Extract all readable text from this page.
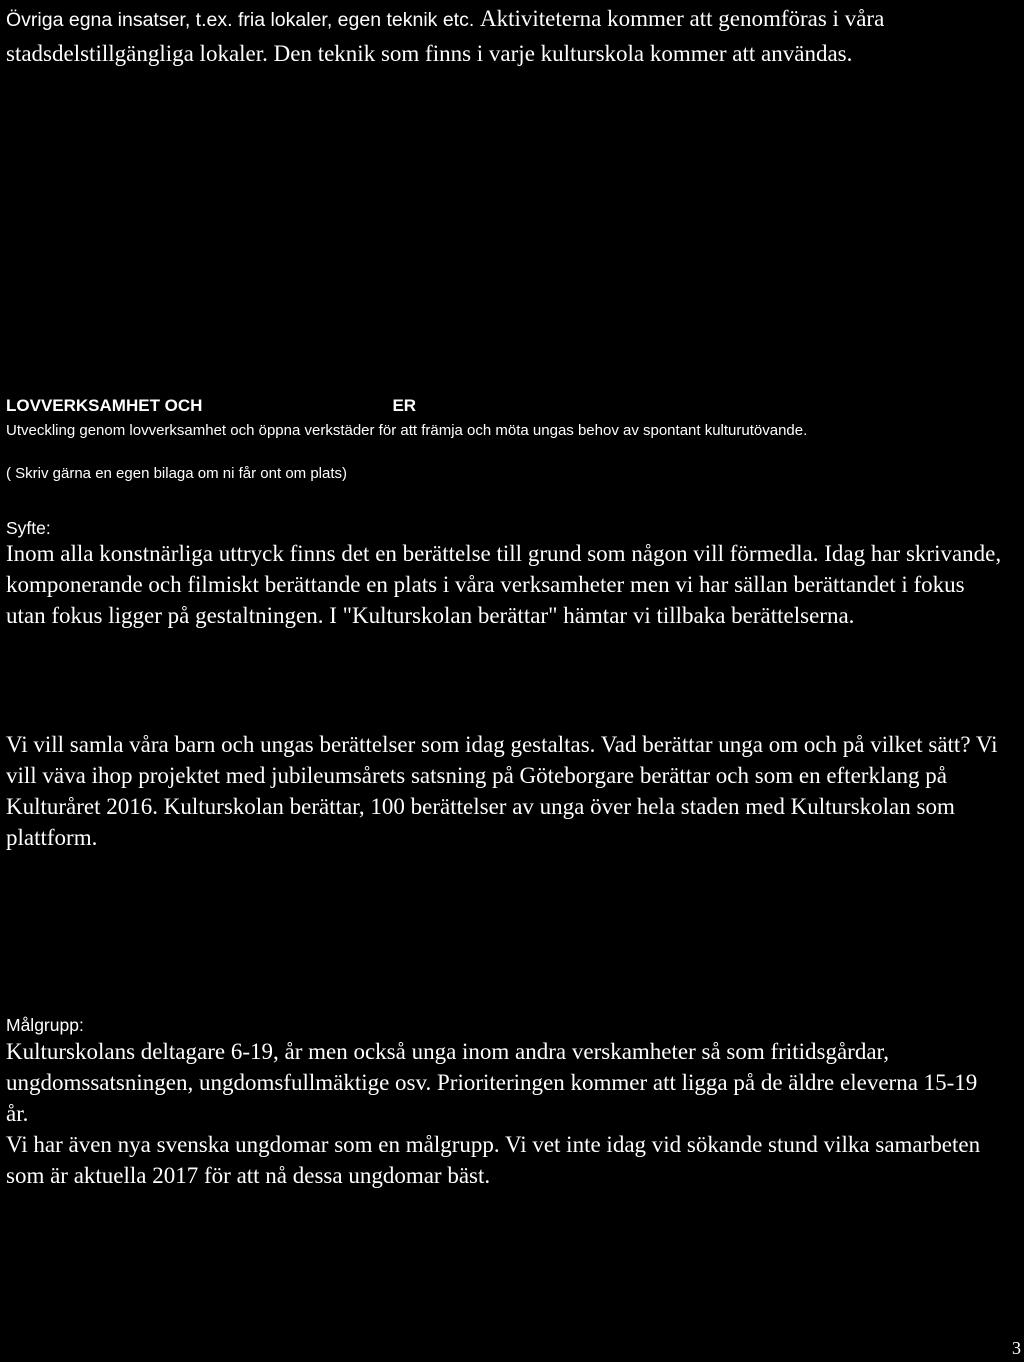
Övriga egna insatser, t.ex. fria lokaler, egen teknik etc. Aktiviteterna kommer att genomföras i våra stadsdelstillgängliga lokaler. Den teknik som finns i varje kulturskola kommer att användas.
LOVVERKSAMHET OCH	ER

Utveckling genom lovverksamhet och öppna verkstäder för att främja och möta ungas behov av spontant kulturutövande.

( Skriv gärna en egen bilaga om ni får ont om plats)

Syfte:

Inom alla konstnärliga uttryck finns det en berättelse till grund som någon vill förmedla. Idag har skrivande, komponerande och filmiskt berättande en plats i våra verksamheter men vi har sällan berättandet i fokus utan fokus ligger på gestaltningen. I "Kulturskolan berättar" hämtar vi tillbaka berättelserna.

Vi vill samla våra barn och ungas berättelser som idag gestaltas. Vad berättar unga om och på vilket sätt? Vi vill väva ihop projektet med jubileumsårets satsning på Göteborgare berättar och som en efterklang på Kulturåret 2016. Kulturskolan berättar, 100 berättelser av unga över hela staden med Kulturskolan som plattform.

Målgrupp:

Kulturskolans deltagare 6-19, år men också unga inom andra verskamheter så som fritidsgårdar, ungdomssatsningen, ungdomsfullmäktige osv. Prioriteringen kommer att ligga på de äldre eleverna 15-19 år.

Vi har även nya svenska ungdomar som en målgrupp. Vi vet inte idag vid sökande stund vilka samarbeten som är aktuella 2017 för att nå dessa ungdomar bäst.

3
